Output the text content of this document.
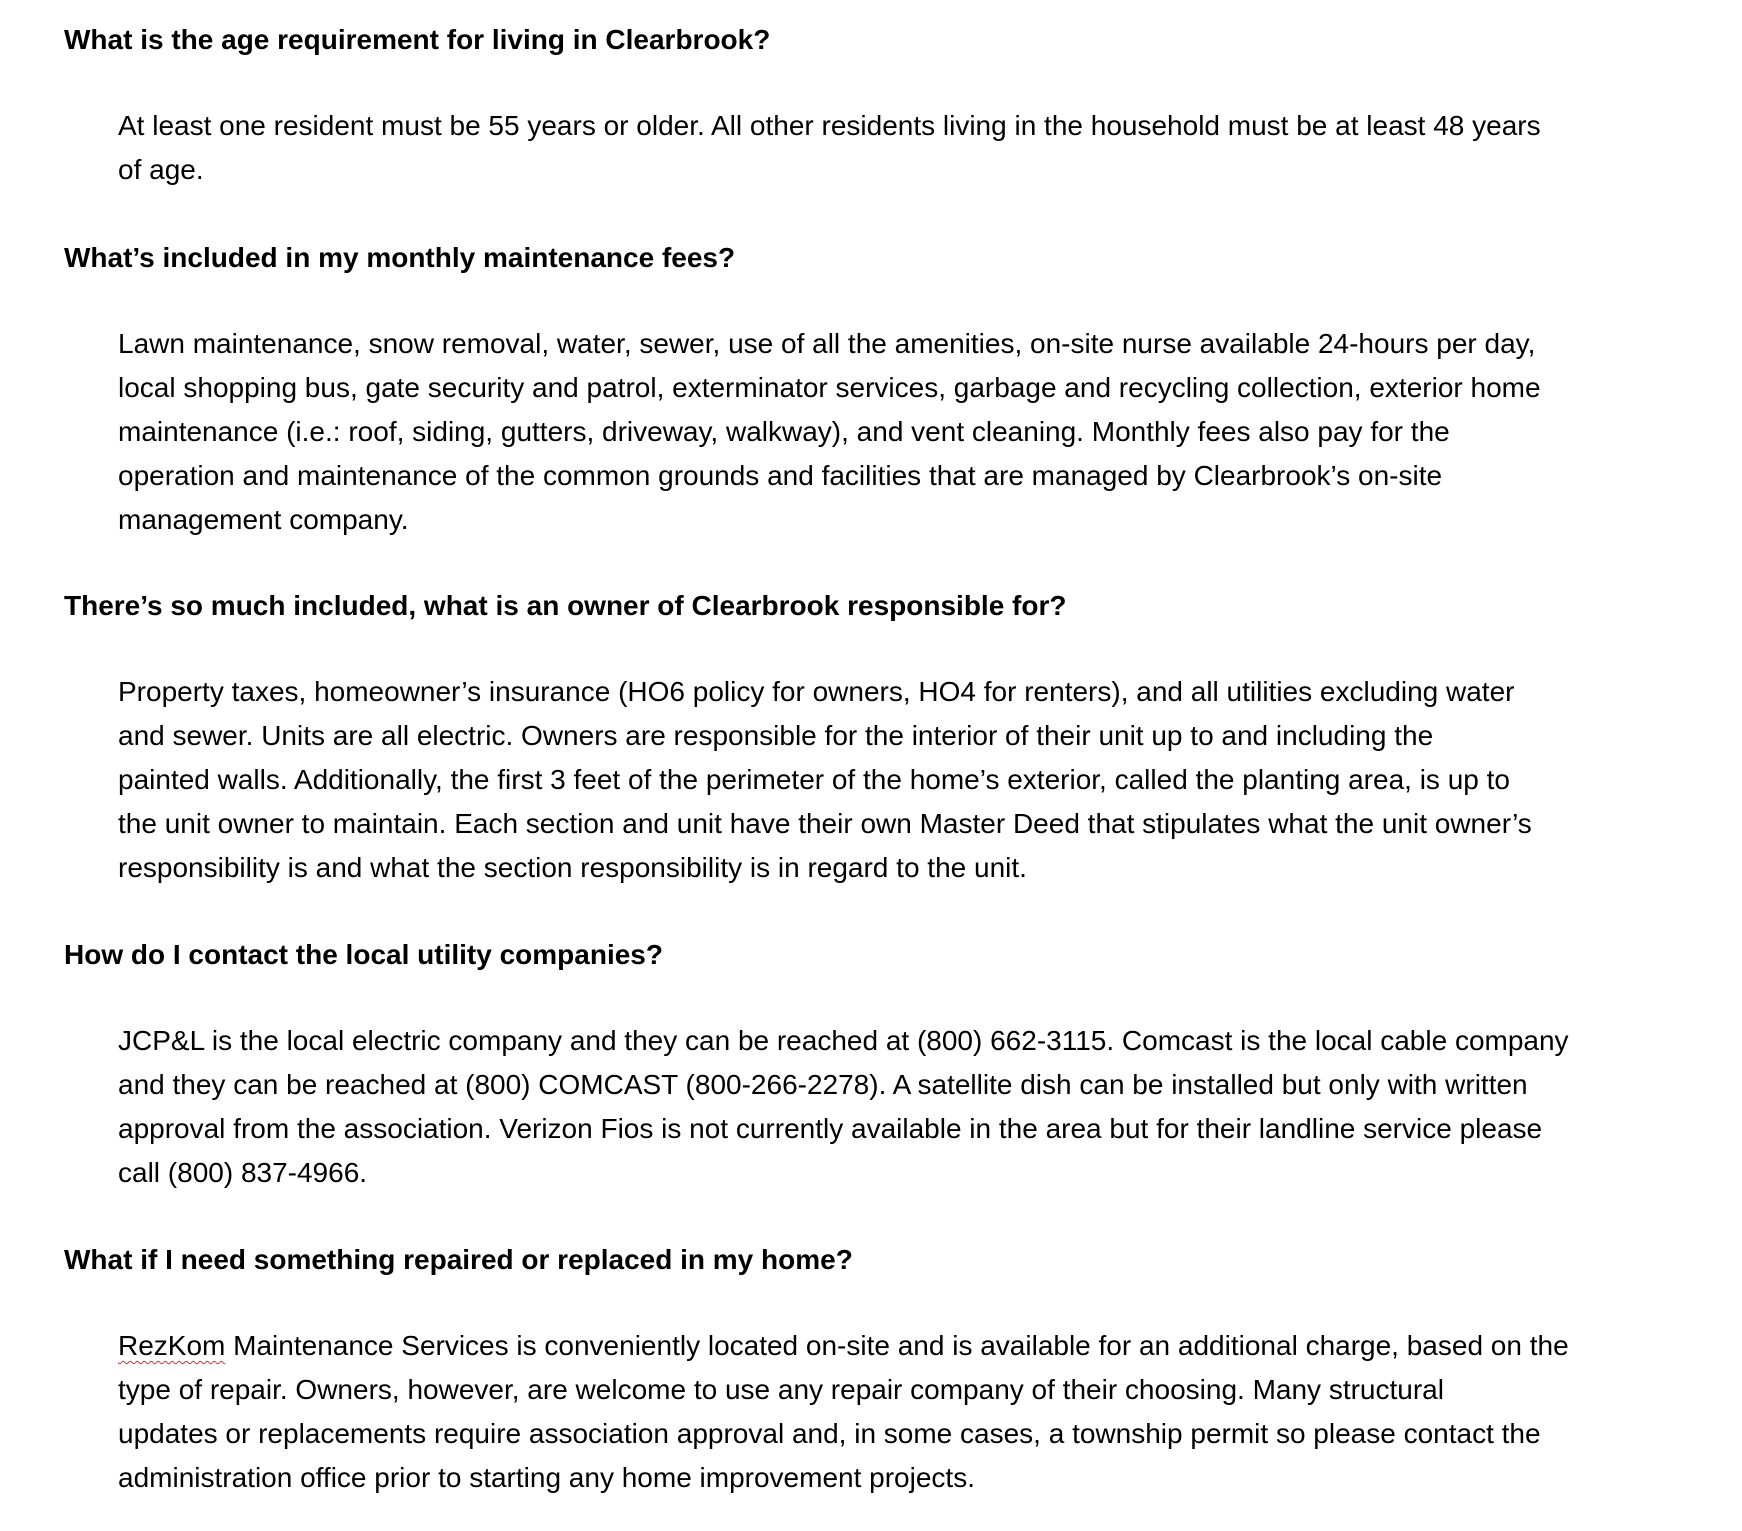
What is the age requirement for living in Clearbrook?

At least one resident must be 55 years or older. All other residents living in the household must be at least 48 years
of age.

What’s included in my monthly maintenance fees?

Lawn maintenance, snow removal, water, sewer, use of all the amenities, on-site nurse available 24-hours per day,
local shopping bus, gate security and patrol, exterminator services, garbage and recycling collection, exterior home
maintenance (i.e.: roof, siding, gutters, driveway, walkway), and vent cleaning. Monthly fees also pay for the
operation and maintenance of the common grounds and facilities that are managed by Clearbrook’s on-site
management company.

There’s so much included, what is an owner of Clearbrook responsible for?

Property taxes, homeowner’s insurance (HO6 policy for owners, HO4 for renters), and all utilities excluding water
and sewer. Units are all electric. Owners are responsible for the interior of their unit up to and including the
painted walls. Additionally, the first 3 feet of the perimeter of the home’s exterior, called the planting area, is up to
the unit owner to maintain. Each section and unit have their own Master Deed that stipulates what the unit owner’s
responsibility is and what the section responsibility is in regard to the unit.

How do I contact the local utility companies?

JCP&L is the local electric company and they can be reached at (800) 662-3115. Comcast is the local cable company
and they can be reached at (800) COMCAST (800-266-2278). A satellite dish can be installed but only with written
approval from the association. Verizon Fios is not currently available in the area but for their landline service please
call (800) 837-4966.

What if I need something repaired or replaced in my home?

RezKom Maintenance Services is conveniently located on-site and is available for an additional charge, based on the
type of repair. Owners, however, are welcome to use any repair company of their choosing. Many structural
updates or replacements require association approval and, in some cases, a township permit so please contact the
administration office prior to starting any home improvement projects.
